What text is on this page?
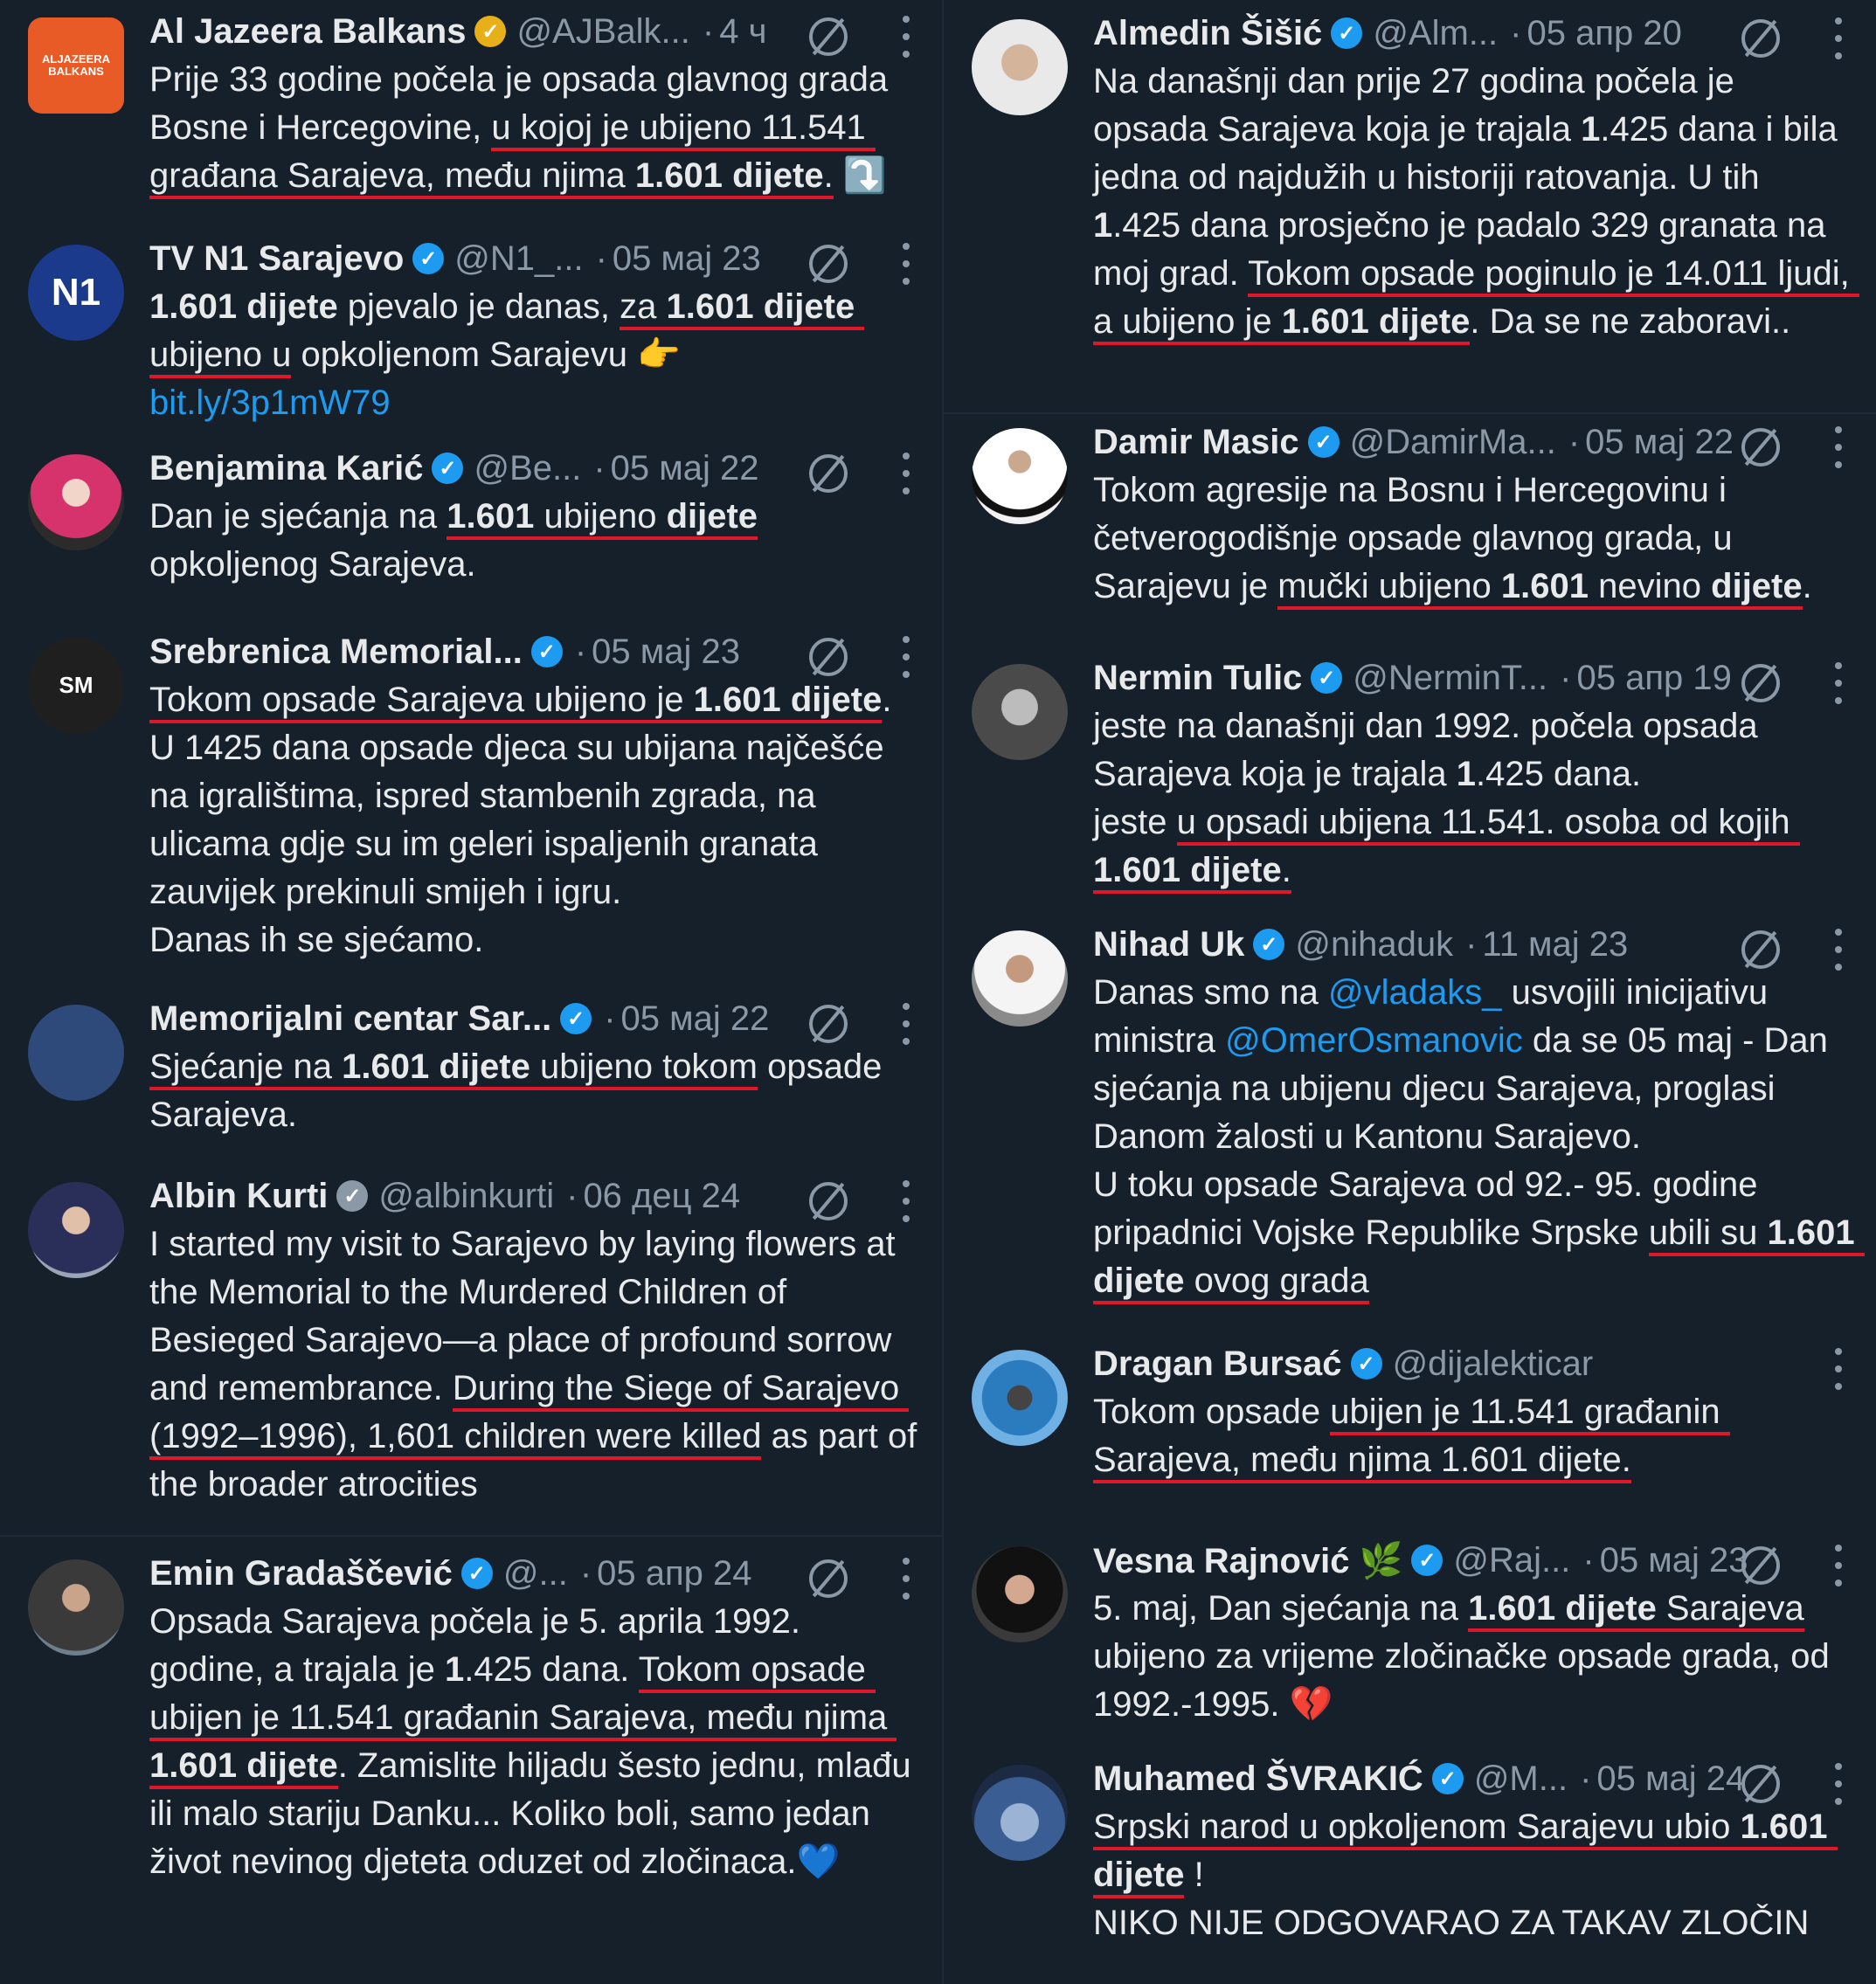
ALJAZEERA BALKANS
Al Jazeera Balkans ✓ @AJBalk... · 4 ч
Prije 33 godine počela je opsada glavnog grada Bosne i Hercegovine, u kojoj je ubijeno 11.541 građana Sarajeva, među njima 1.601 dijete. ⤵️
N1
TV N1 Sarajevo ✓ @N1_... · 05 мај 23
1.601 dijete pjevalo je danas, za 1.601 dijete ubijeno u opkoljenom Sarajevu 👉 bit.ly/3p1mW79
Benjamina Karić ✓ @Be... · 05 мај 22
Dan je sjećanja na 1.601 ubijeno dijete opkoljenog Sarajeva.
SM
Srebrenica Memorial... ✓ · 05 мај 23
Tokom opsade Sarajeva ubijeno je 1.601 dijete. U 1425 dana opsade djeca su ubijana najčešće na igralištima, ispred stambenih zgrada, na ulicama gdje su im geleri ispaljenih granata zauvijek prekinuli smijeh i igru.
Danas ih se sjećamo.
Memorijalni centar Sar... ✓ · 05 мај 22
Sjećanje na 1.601 dijete ubijeno tokom opsade Sarajeva.
Albin Kurti ✓ @albinkurti · 06 дец 24
I started my visit to Sarajevo by laying flowers at the Memorial to the Murdered Children of Besieged Sarajevo—a place of profound sorrow and remembrance. During the Siege of Sarajevo (1992–1996), 1,601 children were killed as part of the broader atrocities
Emin Gradaščević ✓ @... · 05 апр 24
Opsada Sarajeva počela je 5. aprila 1992. godine, a trajala je 1.425 dana. Tokom opsade ubijen je 11.541 građanin Sarajeva, među njima 1.601 dijete. Zamislite hiljadu šesto jednu, mlađu ili malo stariju Danku... Koliko boli, samo jedan život nevinog djeteta oduzet od zločinaca.💙
Almedin Šišić ✓ @Alm... · 05 апр 20
Na današnji dan prije 27 godina počela je opsada Sarajeva koja je trajala 1.425 dana i bila jedna od najdužih u historiji ratovanja. U tih 1.425 dana prosječno je padalo 329 granata na moj grad. Tokom opsade poginulo je 14.011 ljudi, a ubijeno je 1.601 dijete. Da se ne zaboravi..
Damir Masic ✓ @DamirMa... · 05 мај 22
Tokom agresije na Bosnu i Hercegovinu i četverogodišnje opsade glavnog grada, u Sarajevu je mučki ubijeno 1.601 nevino dijete.
Nermin Tulic ✓ @NerminT... · 05 апр 19
jeste na današnji dan 1992. počela opsada Sarajeva koja je trajala 1.425 dana.
jeste u opsadi ubijena 11.541. osoba od kojih 1.601 dijete.
Nihad Uk ✓ @nihaduk · 11 мај 23
Danas smo na @vladaks_ usvojili inicijativu ministra @OmerOsmanovic da se 05 maj - Dan sjećanja na ubijenu djecu Sarajeva, proglasi Danom žalosti u Kantonu Sarajevo.
U toku opsade Sarajeva od 92.- 95. godine pripadnici Vojske Republike Srpske ubili su 1.601 dijete ovog grada
Dragan Bursać ✓ @dijalekticar
Tokom opsade ubijen je 11.541 građanin Sarajeva, među njima 1.601 dijete.
Vesna Rajnović 🌿 ✓ @Raj... · 05 мај 23
5. maj, Dan sjećanja na 1.601 dijete Sarajeva ubijeno za vrijeme zločinačke opsade grada, od 1992.-1995. 💔
Muhamed ŠVRAKIĆ ✓ @M... · 05 мај 24
Srpski narod u opkoljenom Sarajevu ubio 1.601 dijete !
NIKO NIJE ODGOVARAO ZA TAKAV ZLOČIN
